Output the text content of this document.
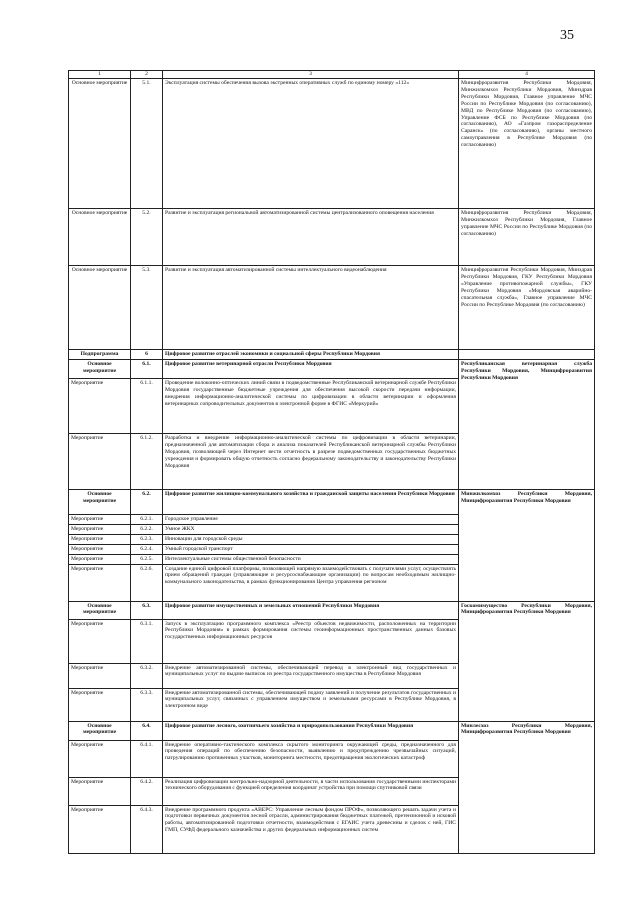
35
1	2	3	4
Основное мероприятие	5.1.	Эксплуатация системы обеспечения вызова экстренных оперативных служб по единому номеру «112»	Минцифроразвития Республики Мордовия, Минжилкомхоз Республики Мордовия, Минздрав Республики Мордовия, Главное управление МЧС России по Республике Мордовия (по согласованию), МВД по Республике Мордовия (по согласованию), Управление ФСБ по Республике Мордовия (по согласованию), АО «Газпром газораспределение Саранск» (по согласованию), органы местного самоуправления в Республике Мордовия (по согласованию)
Основное мероприятие	5.2.	Развитие и эксплуатация региональной автоматизированной системы централизованного оповещения населения	Минцифроразвития Республики Мордовия, Минжилкомхоз Республики Мордовия, Главное управление МЧС России по Республике Мордовия (по согласованию)
Основное мероприятие	5.3.	Развитие и эксплуатация автоматизированной системы интеллектуального видеонаблюдения	Минцифроразвития Республики Мордовия, Минздрав Республики Мордовия, ГКУ Республики Мордовия «Управление противопожарной службы», ГКУ Республики Мордовия «Мордовская аварийно-спасательная служба», Главное управление МЧС России по Республике Мордовия (по согласованию)
Подпрограмма	6	Цифровое развитие отраслей экономики и социальной сферы Республики Мордовия	
Основное мероприятие	6.1.	Цифровое развитие ветеринарной отрасли Республики Мордовия	Республиканская ветеринарная служба Республики Мордовия, Минцифроразвития Республики Мордовия
Мероприятие	6.1.1.	Проведение волоконно-оптических линий связи в подведомственные Республиканской ветеринарной службе Республики Мордовия государственные бюджетные учреждения для обеспечения высокой скорости передачи информации, внедрения информационно-аналитической системы по цифровизации в области ветеринарии и оформления ветеринарных сопроводительных документов в электронной форме в ФГИС «Меркурий»	
Мероприятие	6.1.2.	Разработка и внедрение информационно-аналитической системы по цифровизации в области ветеринарии, предназначенной для автоматизации сбора и анализа показателей Республиканской ветеринарной службы Республики Мордовия, позволяющей через Интернет вести отчетность в разрезе подведомственных государственных бюджетных учреждения и формировать общую отчетность согласно федеральному законодательству и законодательству Республики Мордовия	
Основное мероприятие	6.2.	Цифровое развитие жилищно-коммунального хозяйства и гражданской защиты населения Республики Мордовия	Минжилкомхоз Республики Мордовия, Минцифроразвития Республики Мордовия
Мероприятие	6.2.1.	Городское управление	
Мероприятие	6.2.2.	Умное ЖКХ	
Мероприятие	6.2.3.	Инновации для городской среды	
Мероприятие	6.2.4.	Умный городской транспорт	
Мероприятие	6.2.5.	Интеллектуальные системы общественной безопасности	
Мероприятие	6.2.6.	Создание единой цифровой платформы, позволяющей напрямую взаимодействовать с получателями услуг, осуществлять прием обращений граждан (управляющие и ресурсоснабжающие организации) по вопросам необходимым жилищно-коммунального законодательства, в рамках функционирования Центра управления регионом	
Основное мероприятие	6.3.	Цифровое развитие имущественных и земельных отношений Республики Мордовия	Госкомимущество Республики Мордовия, Минцифроразвития Республики Мордовия
Мероприятие	6.3.1.	Запуск в эксплуатацию программного комплекса «Реестр объектов недвижимости, расположенных на территории Республики Мордовия» в рамках формирования системы геоинформационных пространственных данных базовых государственных информационных ресурсов	
Мероприятие	6.3.2.	Внедрение автоматизированной системы, обеспечивающей перевод в электронный вид государственных и муниципальных услуг по выдаче выписок из реестра государственного имущества в Республике Мордовия	
Мероприятие	6.3.3.	Внедрение автоматизированной системы, обеспечивающей подачу заявлений и получение результатов государственных и муниципальных услуг, связанных с управлением имуществом и земельными ресурсами в Республике Мордовия, в электронном виде	
Основное мероприятие	6.4.	Цифровое развитие лесного, охотничьего хозяйства и природопользования Республики Мордовия	Минлесхоз Республики Мордовия, Минцифроразвития Республики Мордовия
Мероприятие	6.4.1.	Внедрение оперативно-тактического комплекса скрытого мониторинга окружающей среды, предназначенного для проведения операций по обеспечению безопасности, выявлению и предупреждению чрезвычайных ситуаций, патрулированию протяженных участков, мониторинга местности, предотвращения экологических катастроф	
Мероприятие	6.4.2.	Реализация цифровизации контрольно-надзорной деятельности, в части использования государственными инспекторами технического оборудования с функцией определения координат устройства при помощи спутниковой связи	
Мероприятие	6.4.3.	Внедрение программного продукта «АВЕРС: Управление лесным фондом ПРОФ», позволяющего решать задачи учета и подготовки первичных документов лесной отрасли, администрирования бюджетных платежей, претензионной и исковой работы, автоматизированной подготовки отчетности, взаимодействия с ЕГАИС учета древесины и сделок с ней, ГИС ГМП, СУФД федерального казначейства и других федеральных информационных систем	
